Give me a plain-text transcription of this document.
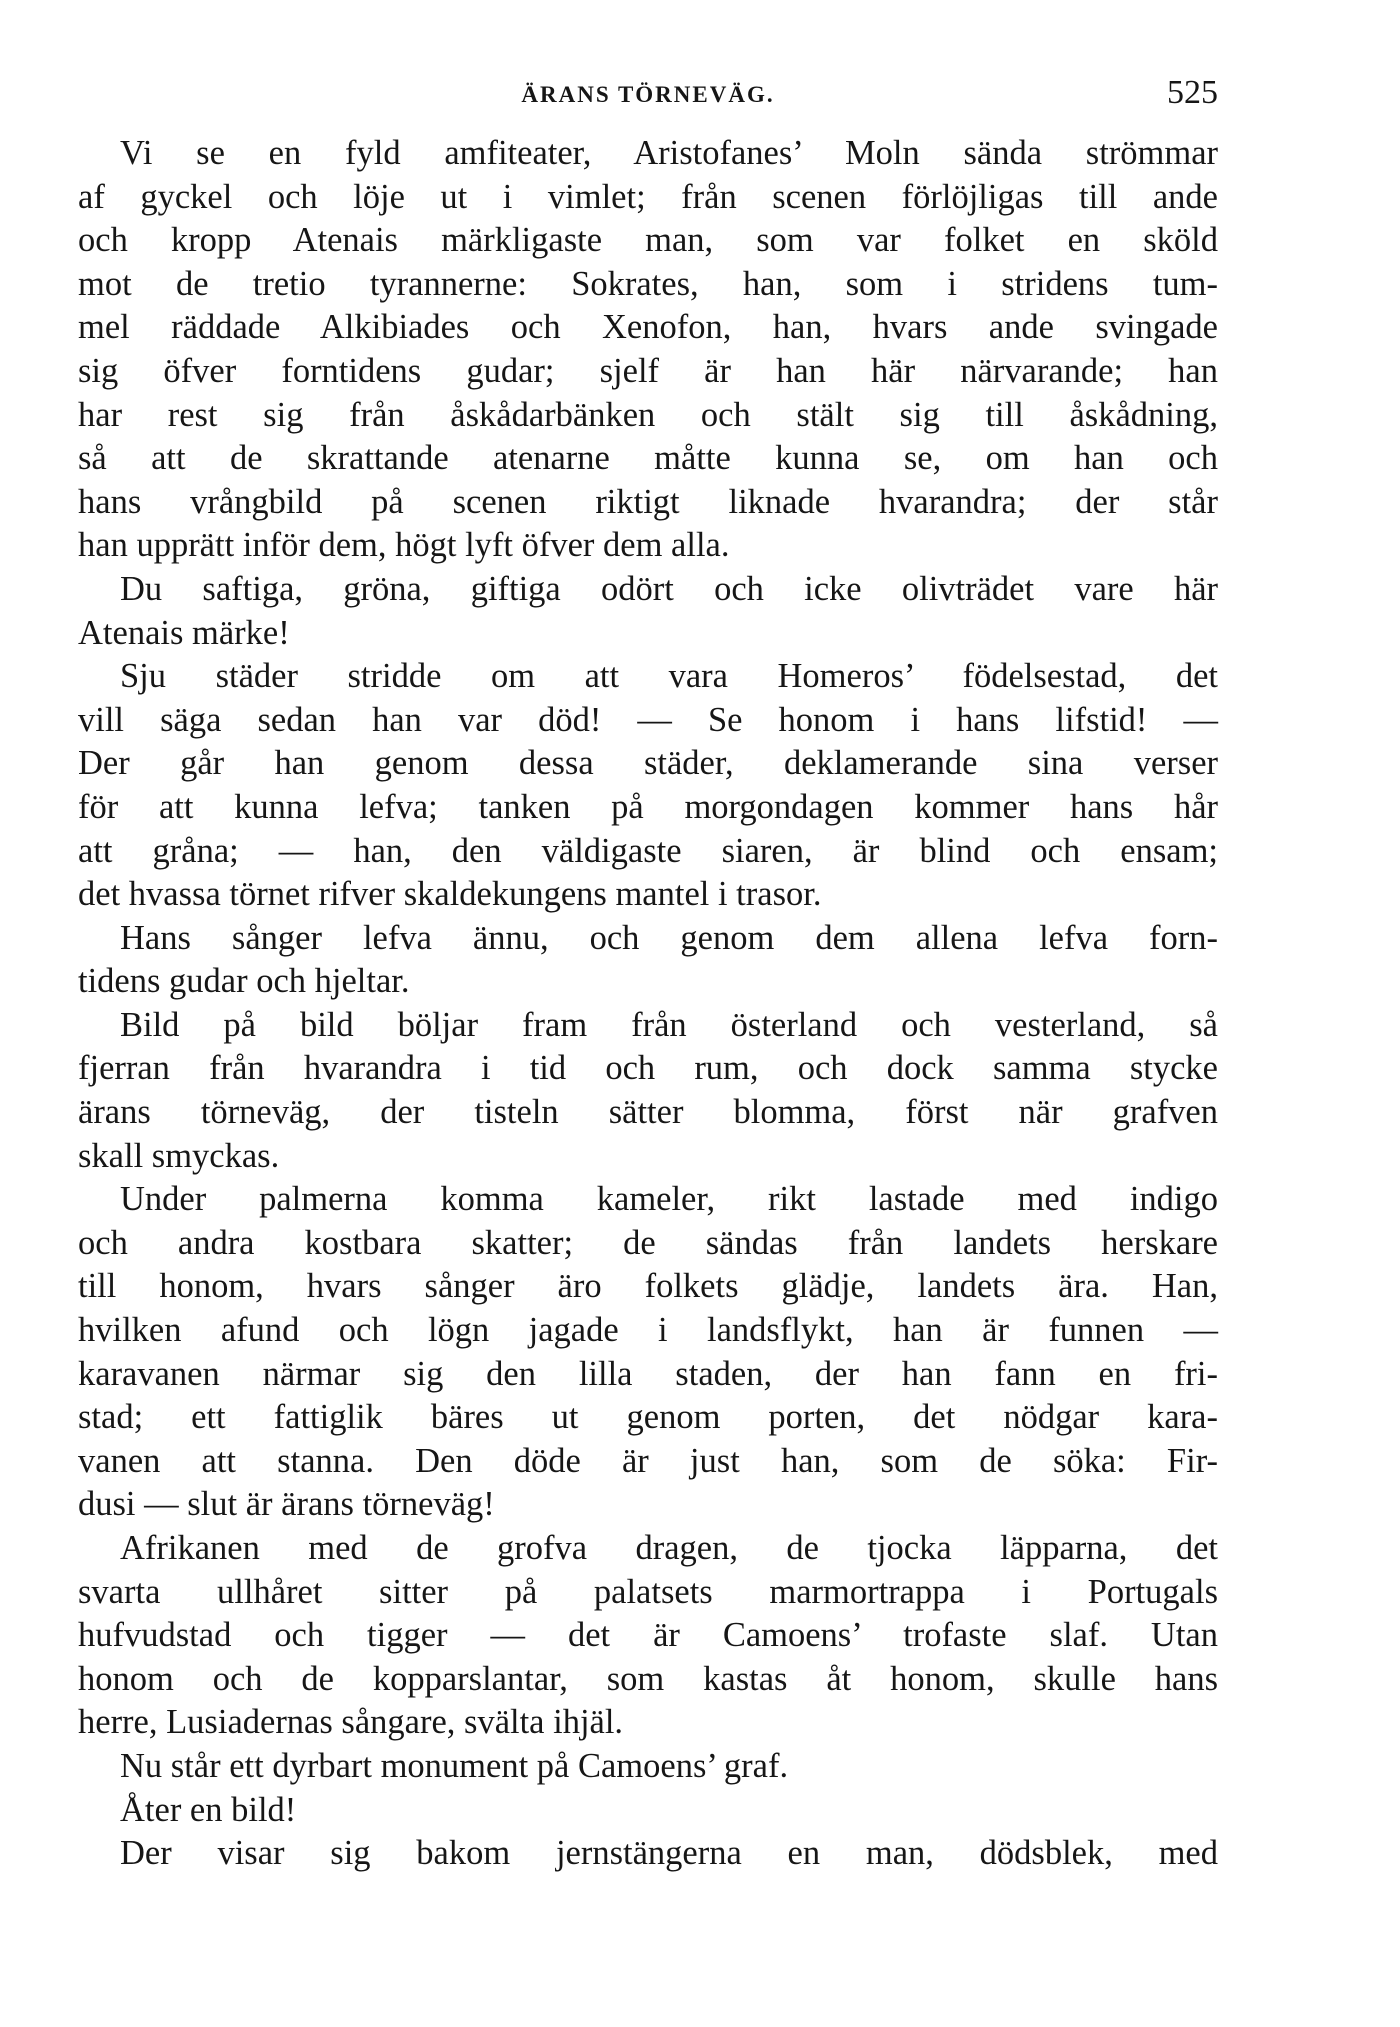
ÄRANS TÖRNEVÄG.	525
Vi se en fyld amfiteater, Aristofanes’ Moln sända strömmar
af gyckel och löje ut i vimlet; från scenen förlöjligas till ande
och kropp Atenais märkligaste man, som var folket en sköld
mot de tretio tyrannerne: Sokrates, han, som i stridens tum-
mel räddade Alkibiades och Xenofon, han, hvars ande svingade
sig öfver forntidens gudar; sjelf är han här närvarande; han
har rest sig från åskådarbänken och stält sig till åskådning,
så att de skrattande atenarne måtte kunna se, om han och
hans vrångbild på scenen riktigt liknade hvarandra; der står
han upprätt inför dem, högt lyft öfver dem alla.
Du saftiga, gröna, giftiga odört och icke olivträdet vare här
Atenais märke!
Sju städer stridde om att vara Homeros’ födelsestad, det
vill säga sedan han var död! — Se honom i hans lifstid! —
Der går han genom dessa städer, deklamerande sina verser
för att kunna lefva; tanken på morgondagen kommer hans hår
att gråna; — han, den väldigaste siaren, är blind och ensam;
det hvassa törnet rifver skaldekungens mantel i trasor.
Hans sånger lefva ännu, och genom dem allena lefva forn-
tidens gudar och hjeltar.
Bild på bild böljar fram från österland och vesterland, så
fjerran från hvarandra i tid och rum, och dock samma stycke
ärans törneväg, der tisteln sätter blomma, först när grafven
skall smyckas.
Under palmerna komma kameler, rikt lastade med indigo
och andra kostbara skatter; de sändas från landets herskare
till honom, hvars sånger äro folkets glädje, landets ära. Han,
hvilken afund och lögn jagade i landsflykt, han är funnen —
karavanen närmar sig den lilla staden, der han fann en fri-
stad; ett fattiglik bäres ut genom porten, det nödgar kara-
vanen att stanna. Den döde är just han, som de söka: Fir-
dusi — slut är ärans törneväg!
Afrikanen med de grofva dragen, de tjocka läpparna, det
svarta ullhåret sitter på palatsets marmortrappa i Portugals
hufvudstad och tigger — det är Camoens’ trofaste slaf. Utan
honom och de kopparslantar, som kastas åt honom, skulle hans
herre, Lusiadernas sångare, svälta ihjäl.
Nu står ett dyrbart monument på Camoens’ graf.
Åter en bild!
Der visar sig bakom jernstängerna en man, dödsblek, med
